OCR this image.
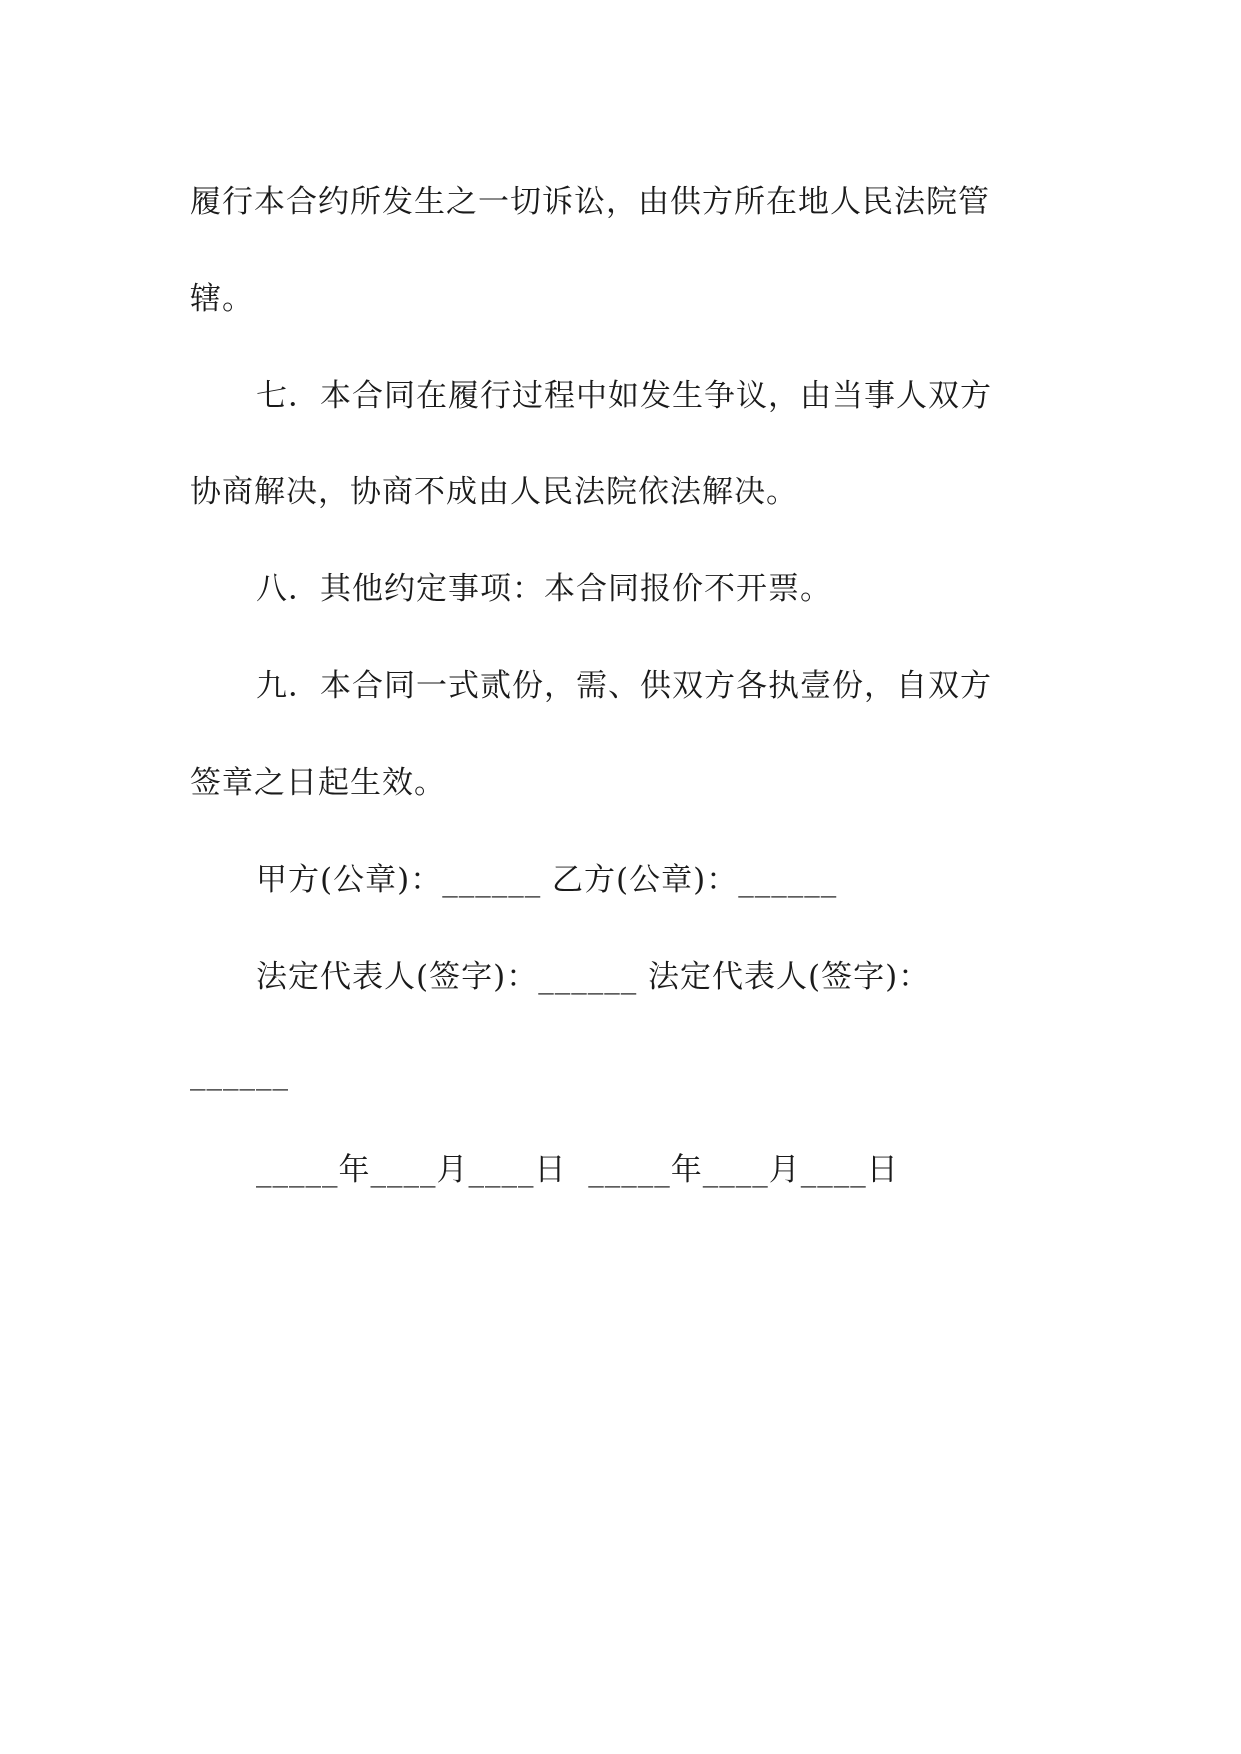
履行本合约所发生之一切诉讼，由供方所在地人民法院管
辖。
七．本合同在履行过程中如发生争议，由当事人双方
协商解决，协商不成由人民法院依法解决。
八．其他约定事项：本合同报价不开票。
九．本合同一式贰份，需、供双方各执壹份，自双方
签章之日起生效。
甲方(公章)：______ 乙方(公章)：______
法定代表人(签字)：______ 法定代表人(签字)：
______
_____年____月____日  _____年____月____日
